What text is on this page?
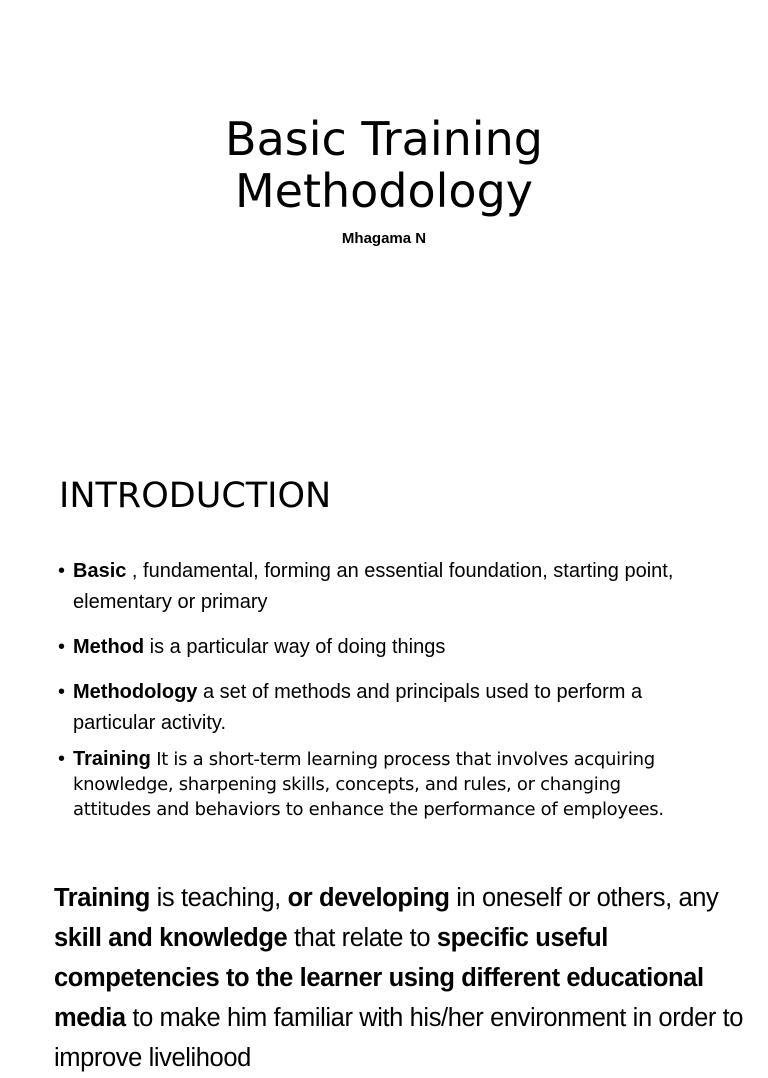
Basic Training
Methodology
Mhagama N
INTRODUCTION
• Basic , fundamental, forming an essential foundation, starting point, elementary or primary
• Method is a particular way of doing things
• Methodology a set of methods and principals used to perform a particular activity.
• Training It is a short-term learning process that involves acquiring knowledge, sharpening skills, concepts, and rules, or changing attitudes and behaviors to enhance the performance of employees.
Training is teaching, or developing in oneself or others, any skill and knowledge that relate to specific useful competencies to the learner using different educational media to make him familiar with his/her environment in order to improve livelihood
